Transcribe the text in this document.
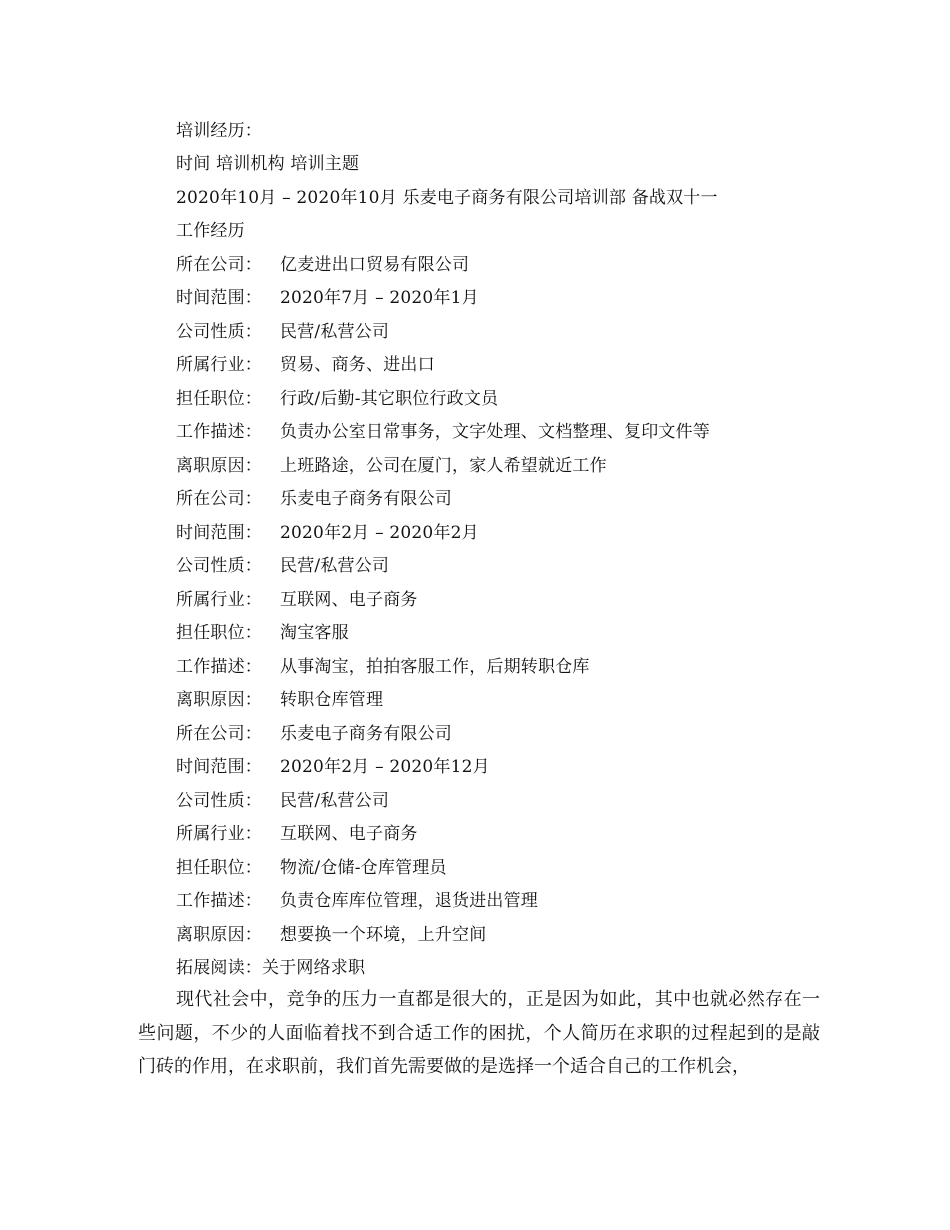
培训经历：
时间 培训机构 培训主题
2020年10月 – 2020年10月 乐麦电子商务有限公司培训部 备战双十一
工作经历
所在公司： 亿麦进出口贸易有限公司
时间范围： 2020年7月 – 2020年1月
公司性质： 民营/私营公司
所属行业： 贸易、商务、进出口
担任职位： 行政/后勤-其它职位行政文员
工作描述： 负责办公室日常事务，文字处理、文档整理、复印文件等
离职原因： 上班路途，公司在厦门，家人希望就近工作
所在公司： 乐麦电子商务有限公司
时间范围： 2020年2月 – 2020年2月
公司性质： 民营/私营公司
所属行业： 互联网、电子商务
担任职位： 淘宝客服
工作描述： 从事淘宝，拍拍客服工作，后期转职仓库
离职原因： 转职仓库管理
所在公司： 乐麦电子商务有限公司
时间范围： 2020年2月 – 2020年12月
公司性质： 民营/私营公司
所属行业： 互联网、电子商务
担任职位： 物流/仓储-仓库管理员
工作描述： 负责仓库库位管理，退货进出管理
离职原因： 想要换一个环境，上升空间
拓展阅读：关于网络求职
现代社会中，竞争的压力一直都是很大的，正是因为如此，其中也就必然存在一些问题，不少的人面临着找不到合适工作的困扰，个人简历在求职的过程起到的是敲门砖的作用，在求职前，我们首先需要做的是选择一个适合自己的工作机会，
